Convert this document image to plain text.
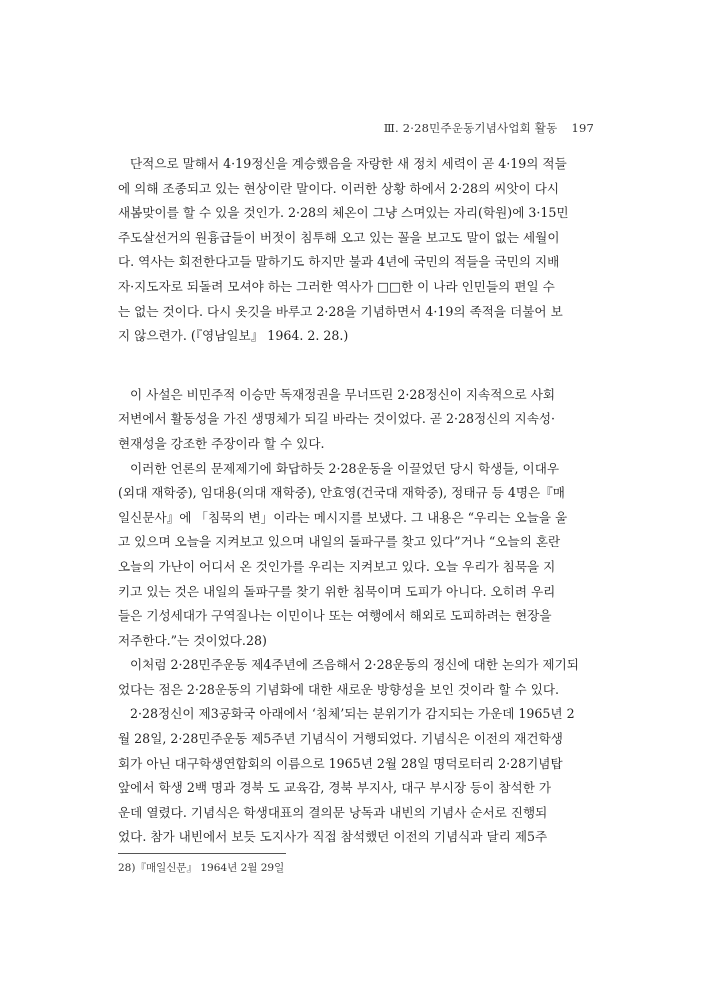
Ⅲ. 2·28민주운동기념사업회 활동 197
단적으로 말해서 4·19정신을 계승했음을 자랑한 새 정치 세력이 곧 4·19의 적들
에 의해 조종되고 있는 현상이란 말이다. 이러한 상황 하에서 2·28의 씨앗이 다시
새봄맞이를 할 수 있을 것인가. 2·28의 체온이 그냥 스며있는 자리(학원)에 3·15민
주도살선거의 원흉급들이 버젓이 침투해 오고 있는 꼴을 보고도 말이 없는 세월이
다. 역사는 회전한다고들 말하기도 하지만 불과 4년에 국민의 적들을 국민의 지배
자·지도자로 되돌려 모셔야 하는 그러한 역사가 □□한 이 나라 인민들의 편일 수
는 없는 것이다. 다시 옷깃을 바루고 2·28을 기념하면서 4·19의 족적을 더불어 보
지 않으련가. (『영남일보』 1964. 2. 28.)
이 사설은 비민주적 이승만 독재정권을 무너뜨린 2·28정신이 지속적으로 사회
저변에서 활동성을 가진 생명체가 되길 바라는 것이었다. 곧 2·28정신의 지속성·
현재성을 강조한 주장이라 할 수 있다.
이러한 언론의 문제제기에 화답하듯 2·28운동을 이끌었던 당시 학생들, 이대우
(외대 재학중), 임대용(의대 재학중), 안효영(건국대 재학중), 정태규 등 4명은『매
일신문사』에 「침묵의 변」이라는 메시지를 보냈다. 그 내용은 “우리는 오늘을 울
고 있으며 오늘을 지켜보고 있으며 내일의 돌파구를 찾고 있다”거나 “오늘의 혼란
오늘의 가난이 어디서 온 것인가를 우리는 지켜보고 있다. 오늘 우리가 침묵을 지
키고 있는 것은 내일의 돌파구를 찾기 위한 침묵이며 도피가 아니다. 오히려 우리
들은 기성세대가 구역질나는 이민이나 또는 여행에서 해외로 도피하려는 현장을
저주한다.”는 것이었다.28)
이처럼 2·28민주운동 제4주년에 즈음해서 2·28운동의 정신에 대한 논의가 제기되
었다는 점은 2·28운동의 기념화에 대한 새로운 방향성을 보인 것이라 할 수 있다.
2·28정신이 제3공화국 아래에서 ‘침체’되는 분위기가 감지되는 가운데 1965년 2
월 28일, 2·28민주운동 제5주년 기념식이 거행되었다. 기념식은 이전의 재건학생
회가 아닌 대구학생연합회의 이름으로 1965년 2월 28일 명덕로터리 2·28기념탑
앞에서 학생 2백 명과 경북 도 교육감, 경북 부지사, 대구 부시장 등이 참석한 가
운데 열렸다. 기념식은 학생대표의 결의문 낭독과 내빈의 기념사 순서로 진행되
었다. 참가 내빈에서 보듯 도지사가 직접 참석했던 이전의 기념식과 달리 제5주
28)『매일신문』 1964년 2월 29일
